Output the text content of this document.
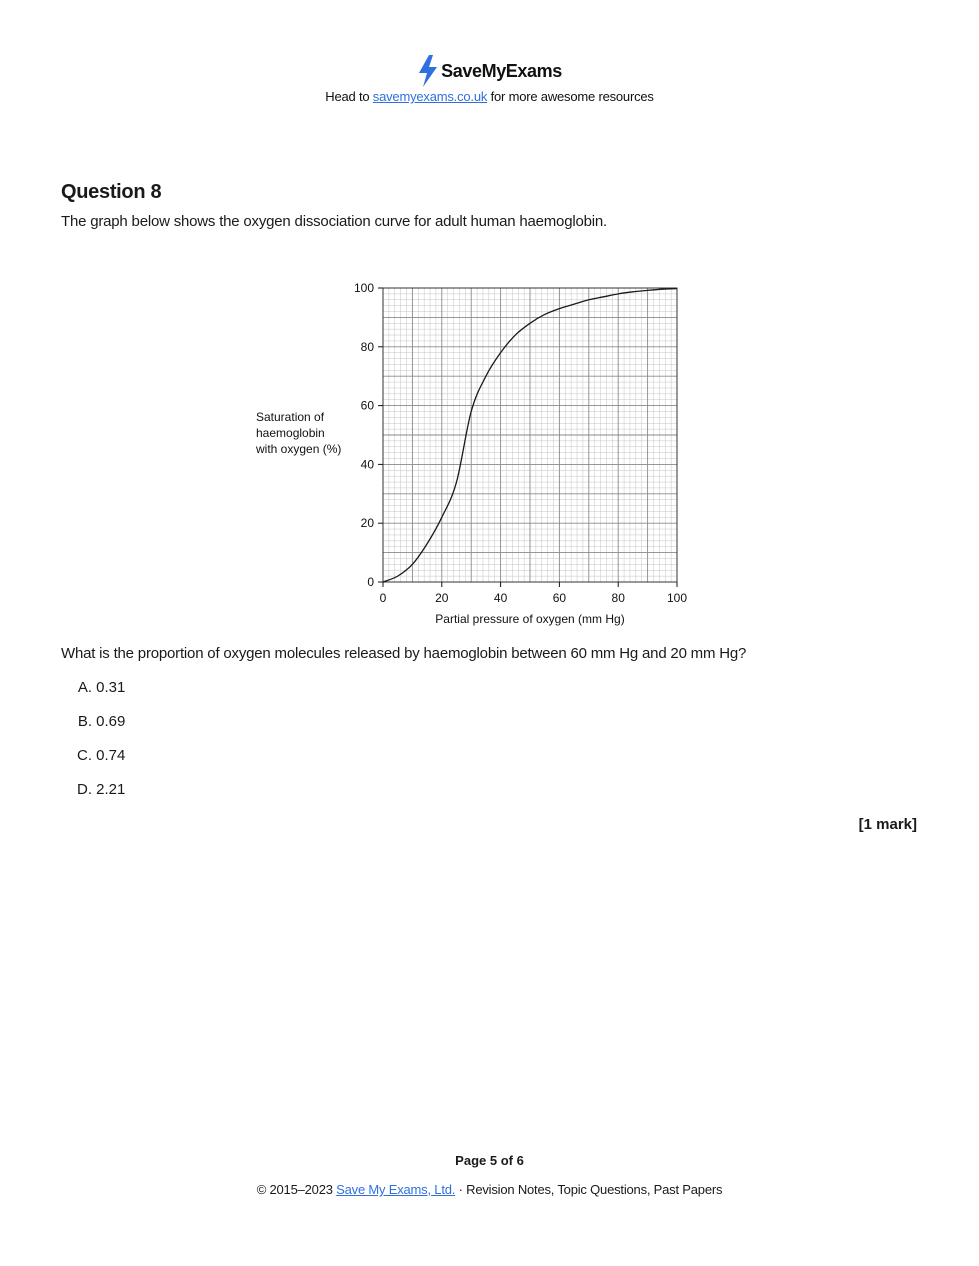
SaveMyExams
Head to savemyexams.co.uk for more awesome resources
Question 8

The graph below shows the oxygen dissociation curve for adult human haemoglobin.

0	20	40	60	80	100
0
20
40
60
80
100
Partial pressure of oxygen (mm Hg)
Saturation of
haemoglobin
with oxygen (%)

What is the proportion of oxygen molecules released by haemoglobin between 60 mm Hg and 20 mm Hg?

A.
0.31
B.
0.69
C.
0.74
D.
2.21
[1 mark]
Page 5 of 6
© 2015–2023 Save My Exams, Ltd. · Revision Notes, Topic Questions, Past Papers
